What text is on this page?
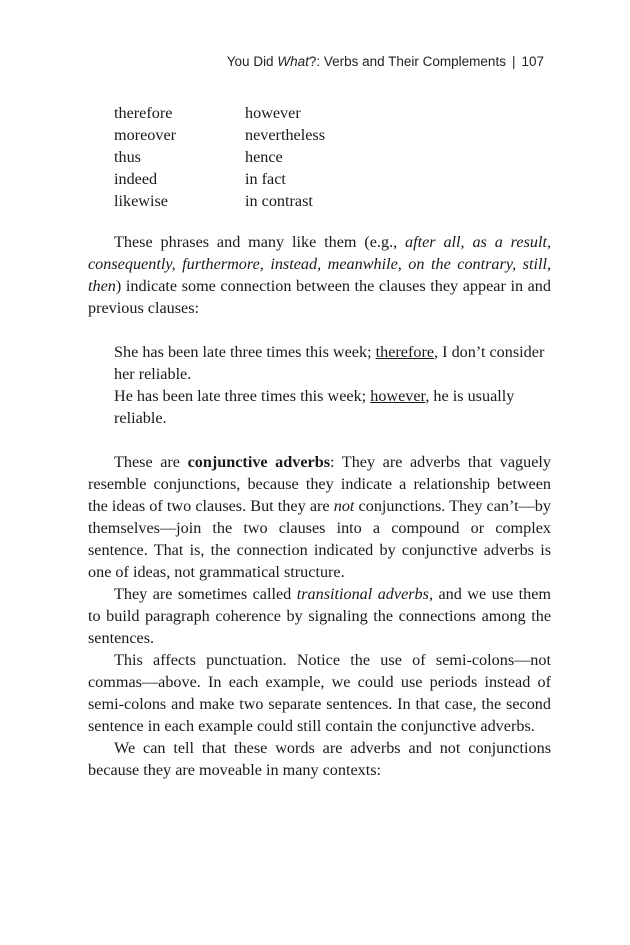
You Did What?: Verbs and Their Complements | 107
therefore	however
moreover	nevertheless
thus	hence
indeed	in fact
likewise	in contrast

These phrases and many like them (e.g., after all, as a result, consequently, furthermore, instead, meanwhile, on the contrary, still, then) indicate some connection between the clauses they appear in and previous clauses:

She has been late three times this week; therefore, I don’t consider her reliable.

He has been late three times this week; however, he is usually reliable.

These are conjunctive adverbs: They are adverbs that vaguely resemble conjunctions, because they indicate a relationship between the ideas of two clauses. But they are not conjunctions. They can’t—by themselves—join the two clauses into a compound or complex sentence. That is, the connection indicated by conjunctive adverbs is one of ideas, not grammatical structure.

They are sometimes called transitional adverbs, and we use them to build paragraph coherence by signaling the connections among the sentences.

This affects punctuation. Notice the use of semi-colons—not commas—above. In each example, we could use periods instead of semi-colons and make two separate sentences. In that case, the second sentence in each example could still contain the conjunctive adverbs.

We can tell that these words are adverbs and not conjunctions because they are moveable in many contexts:
